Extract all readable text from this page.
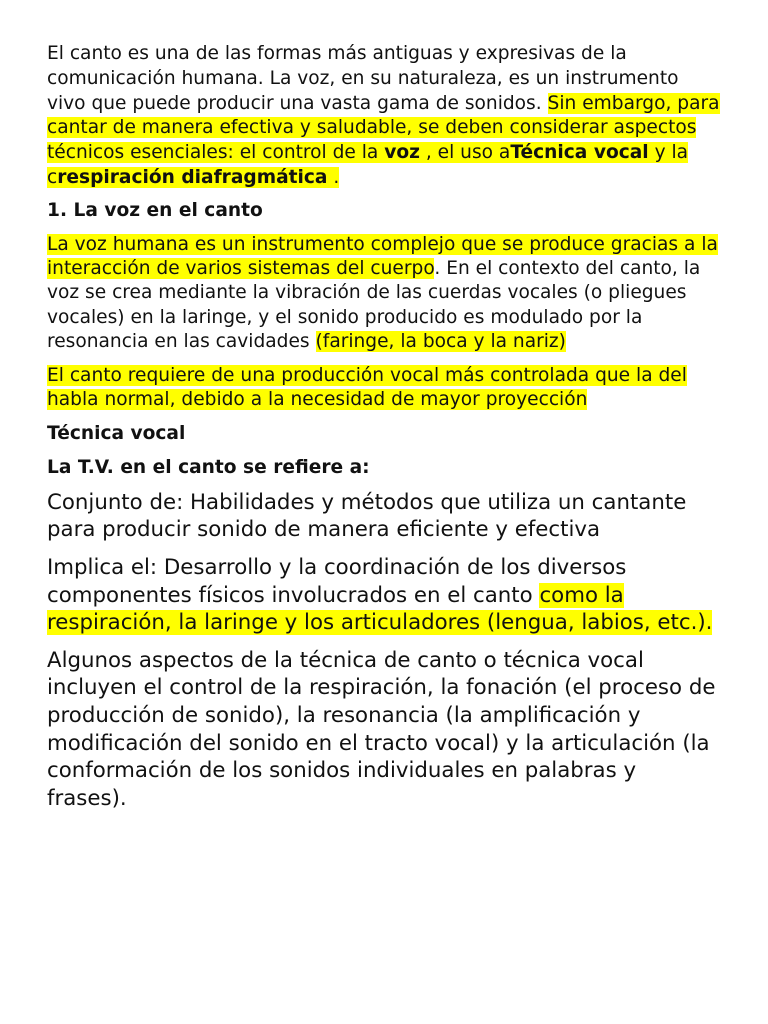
El canto es una de las formas más antiguas y expresivas de la comunicación humana. La voz, en su naturaleza, es un instrumento vivo que puede producir una vasta gama de sonidos. Sin embargo, para cantar de manera efectiva y saludable, se deben considerar aspectos técnicos esenciales: el control de la voz , el uso aTécnica vocal y la crespiración diafragmática .

1. La voz en el canto

La voz humana es un instrumento complejo que se produce gracias a la interacción de varios sistemas del cuerpo. En el contexto del canto, la voz se crea mediante la vibración de las cuerdas vocales (o pliegues vocales) en la laringe, y el sonido producido es modulado por la resonancia en las cavidades (faringe, la boca y la nariz)

El canto requiere de una producción vocal más controlada que la del habla normal, debido a la necesidad de mayor proyección

Técnica vocal

La T.V. en el canto se refiere a:

Conjunto de: Habilidades y métodos que utiliza un cantante para producir sonido de manera eficiente y efectiva

Implica el: Desarrollo y la coordinación de los diversos componentes físicos involucrados en el canto como la respiración, la laringe y los articuladores (lengua, labios, etc.).

Algunos aspectos de la técnica de canto o técnica vocal incluyen el control de la respiración, la fonación (el proceso de producción de sonido), la resonancia (la amplificación y modificación del sonido en el tracto vocal) y la articulación (la conformación de los sonidos individuales en palabras y frases).
